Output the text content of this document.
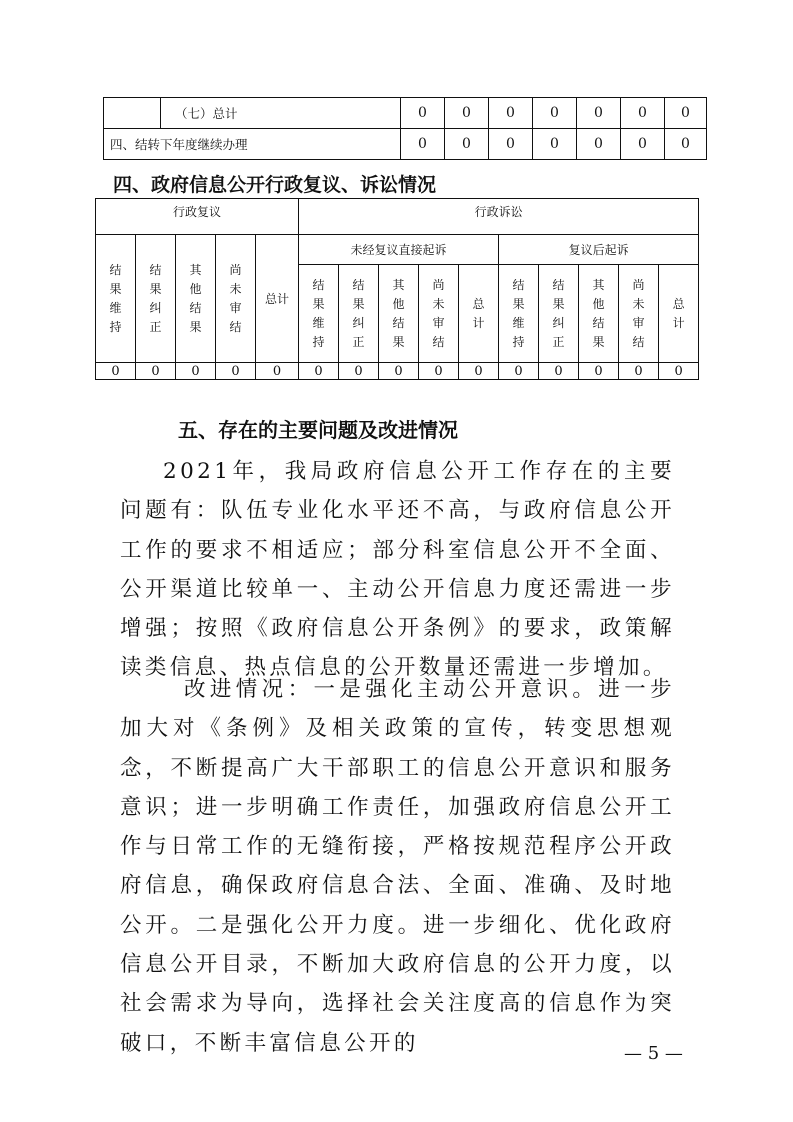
	（七）总计	0	0	0	0	0	0	0
四、结转下年度继续办理		0	0	0	0	0	0	0
四、政府信息公开行政复议、诉讼情况
行政复议					行政诉讼									

结果维持	结果纠正	其他结果	尚未审结	总计	未经复议直接起诉					复议后起诉				

					结果维持	结果纠正	其他结果	尚未审结	总计	结果维持	结果纠正	其他结果	尚未审结	总计

0	0	0	0	0	0	0	0	0	0	0	0	0	0	0
五、存在的主要问题及改进情况

2021年，我局政府信息公开工作存在的主要问题有：队伍专业化水平还不高，与政府信息公开工作的要求不相适应；部分科室信息公开不全面、公开渠道比较单一、主动公开信息力度还需进一步增强；按照《政府信息公开条例》的要求，政策解读类信息、热点信息的公开数量还需进一步增加。

改进情况：一是强化主动公开意识。进一步加大对《条例》及相关政策的宣传，转变思想观念，不断提高广大干部职工的信息公开意识和服务意识；进一步明确工作责任，加强政府信息公开工作与日常工作的无缝衔接，严格按规范程序公开政府信息，确保政府信息合法、全面、准确、及时地公开。二是强化公开力度。进一步细化、优化政府信息公开目录，不断加大政府信息的公开力度，以社会需求为导向，选择社会关注度高的信息作为突破口，不断丰富信息公开的	— 5 —
